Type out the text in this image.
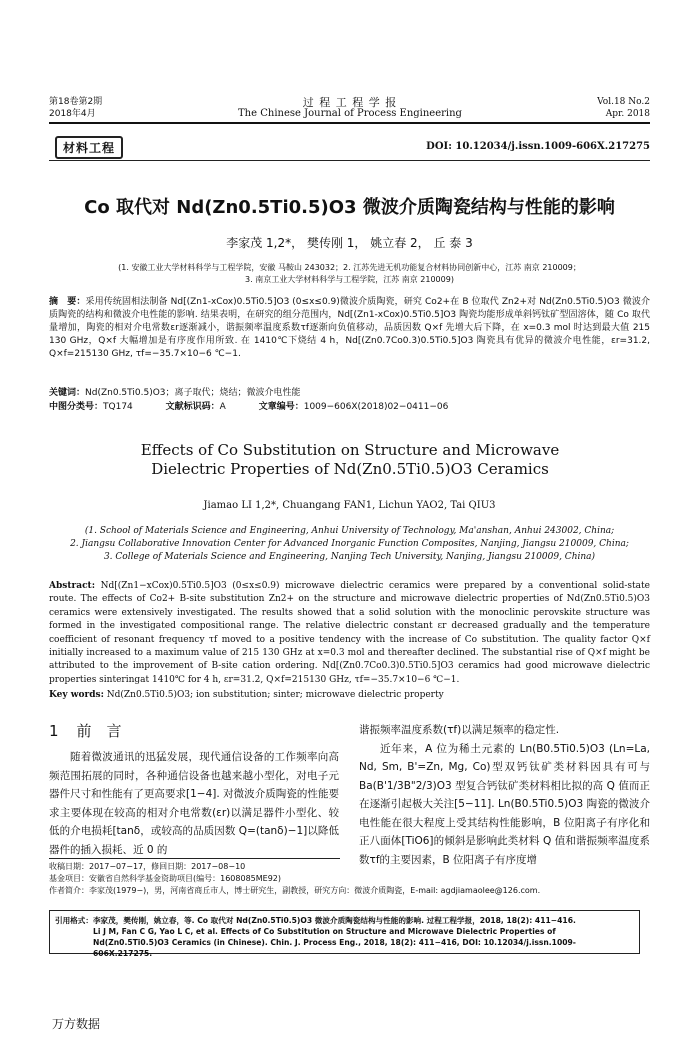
第18卷第2期
2018年4月
过 程 工 程 学 报
The Chinese Journal of Process Engineering
Vol.18 No.2
Apr. 2018
材料工程	DOI: 10.12034/j.issn.1009-606X.217275
Co 取代对 Nd(Zn0.5Ti0.5)O3 微波介质陶瓷结构与性能的影响
李家茂 1,2*， 樊传刚 1， 姚立春 2， 丘 泰 3
(1. 安徽工业大学材料科学与工程学院，安徽 马鞍山 243032；2. 江苏先进无机功能复合材料协同创新中心，江苏 南京 210009；
3. 南京工业大学材料科学与工程学院，江苏 南京 210009)
摘　要：采用传统固相法制备 Nd[(Zn1-xCox)0.5Ti0.5]O3 (0≤x≤0.9)微波介质陶瓷，研究 Co2+在 B 位取代 Zn2+对 Nd(Zn0.5Ti0.5)O3 微波介质陶瓷的结构和微波介电性能的影响. 结果表明，在研究的组分范围内，Nd[(Zn1-xCox)0.5Ti0.5]O3 陶瓷均能形成单斜钙钛矿型固溶体，随 Co 取代量增加，陶瓷的相对介电常数εr逐渐减小，谐振频率温度系数τf逐渐向负值移动，品质因数 Q×f 先增大后下降，在 x=0.3 mol 时达到最大值 215 130 GHz，Q×f 大幅增加是有序度作用所致. 在 1410℃下烧结 4 h，Nd[(Zn0.7Co0.3)0.5Ti0.5]O3 陶瓷具有优异的微波介电性能，εr=31.2, Q×f=215130 GHz, τf=−35.7×10−6 ℃−1.
关键词：Nd(Zn0.5Ti0.5)O3；离子取代；烧结；微波介电性能
中图分类号：TQ174	文献标识码：A	文章编号：1009−606X(2018)02−0411−06
Effects of Co Substitution on Structure and Microwave Dielectric Properties of Nd(Zn0.5Ti0.5)O3 Ceramics
Jiamao LI 1,2*, Chuangang FAN1, Lichun YAO2, Tai QIU3
(1. School of Materials Science and Engineering, Anhui University of Technology, Ma'anshan, Anhui 243002, China;
2. Jiangsu Collaborative Innovation Center for Advanced Inorganic Function Composites, Nanjing, Jiangsu 210009, China;
3. College of Materials Science and Engineering, Nanjing Tech University, Nanjing, Jiangsu 210009, China)
Abstract: Nd[(Zn1−xCox)0.5Ti0.5]O3 (0≤x≤0.9) microwave dielectric ceramics were prepared by a conventional solid-state route. The effects of Co2+ B-site substitution Zn2+ on the structure and microwave dielectric properties of Nd(Zn0.5Ti0.5)O3 ceramics were extensively investigated. The results showed that a solid solution with the monoclinic perovskite structure was formed in the investigated compositional range. The relative dielectric constant εr decreased gradually and the temperature coefficient of resonant frequency τf moved to a positive tendency with the increase of Co substitution. The quality factor Q×f initially increased to a maximum value of 215 130 GHz at x=0.3 mol and thereafter declined. The substantial rise of Q×f might be attributed to the improvement of B-site cation ordering. Nd[(Zn0.7Co0.3)0.5Ti0.5]O3 ceramics had good microwave dielectric properties sinteringat 1410℃ for 4 h, εr=31.2, Q×f=215130 GHz, τf=−35.7×10−6 ℃−1.
Key words: Nd(Zn0.5Ti0.5)O3; ion substitution; sinter; microwave dielectric property
1 前　言

随着微波通讯的迅猛发展，现代通信设备的工作频率向高频范围拓展的同时，各种通信设备也越来越小型化，对电子元器件尺寸和性能有了更高要求[1−4]. 对微波介质陶瓷的性能要求主要体现在较高的相对介电常数(εr)以满足器件小型化、较低的介电损耗[tanδ，或较高的品质因数 Q=(tanδ)−1]以降低器件的插入损耗、近 0 的

谐振频率温度系数(τf)以满足频率的稳定性.

近年来，A 位为稀土元素的 Ln(B0.5Ti0.5)O3 (Ln=La, Nd, Sm, B'=Zn, Mg, Co)型双钙钛矿类材料因具有可与 Ba(B'1/3B"2/3)O3 型复合钙钛矿类材料相比拟的高 Q 值而正在逐渐引起极大关注[5−11]. Ln(B0.5Ti0.5)O3 陶瓷的微波介电性能在很大程度上受其结构性能影响，B 位阳离子有序化和正八面体[TiO6]的倾斜是影响此类材料 Q 值和谐振频率温度系数τf的主要因素，B 位阳离子有序度增

收稿日期：2017−07−17，修回日期：2017−08−10
基金项目：安徽省自然科学基金资助项目(编号：1608085ME92)
作者简介：李家茂(1979−)，男，河南省商丘市人，博士研究生，副教授，研究方向：微波介质陶瓷，E-mail: agdjiamaolee@126.com.
引用格式：李家茂，樊传刚，姚立春，等. Co 取代对 Nd(Zn0.5Ti0.5)O3 微波介质陶瓷结构与性能的影响. 过程工程学报，2018, 18(2): 411−416.
Li J M, Fan C G, Yao L C, et al. Effects of Co Substitution on Structure and Microwave Dielectric Properties of Nd(Zn0.5Ti0.5)O3 Ceramics (in Chinese). Chin. J. Process Eng., 2018, 18(2): 411−416, DOI: 10.12034/j.issn.1009-606X.217275.
万方数据
